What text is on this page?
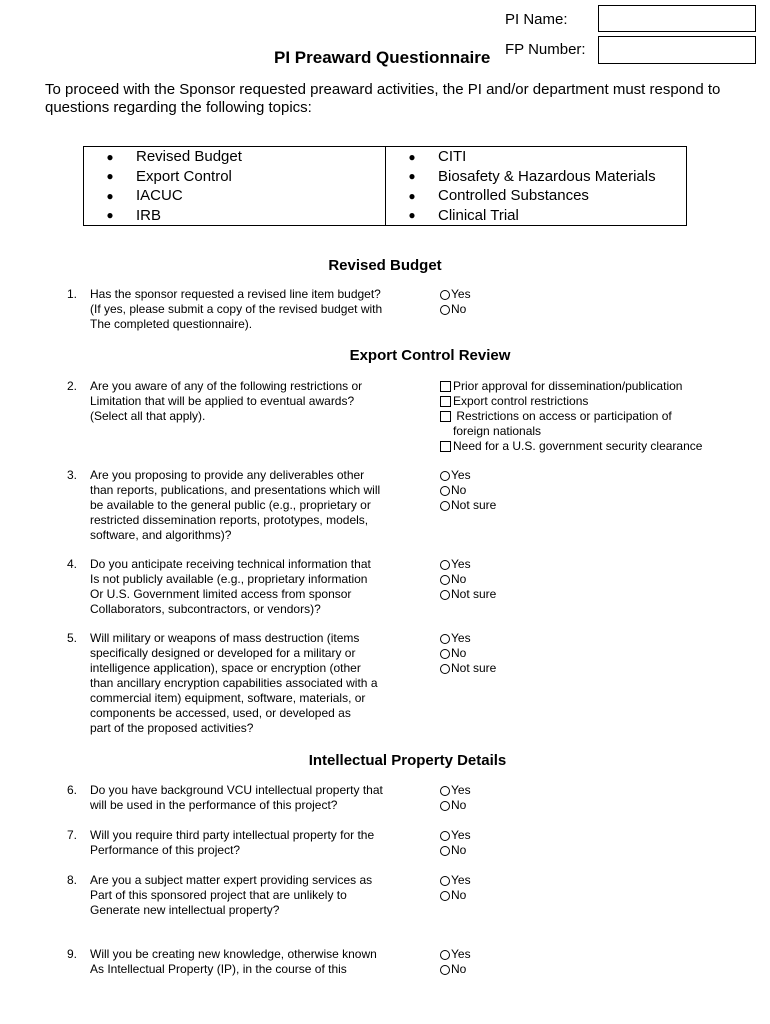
PI Name:
FP Number:
PI Preaward Questionnaire
To proceed with the Sponsor requested preaward activities, the PI and/or department must respond to questions regarding the following topics:
●	Revised Budget	●	CITI
●	Export Control	●	Biosafety & Hazardous Materials
●	IACUC	●	Controlled Substances
●	IRB	●	Clinical Trial
Revised Budget
Export Control Review
Intellectual Property Details
1. Has the sponsor requested a revised line item budget?
(If yes, please submit a copy of the revised budget with
The completed questionnaire).
Yes
No
2. Are you aware of any of the following restrictions or
Limitation that will be applied to eventual awards?
(Select all that apply).
Prior approval for dissemination/publication
Export control restrictions
Restrictions on access or participation of
foreign nationals
Need for a U.S. government security clearance
3. Are you proposing to provide any deliverables other
than reports, publications, and presentations which will
be available to the general public (e.g., proprietary or
restricted dissemination reports, prototypes, models,
software, and algorithms)?
Yes
No
Not sure
4. Do you anticipate receiving technical information that
Is not publicly available (e.g., proprietary information
Or U.S. Government limited access from sponsor
Collaborators, subcontractors, or vendors)?
Yes
No
Not sure
5. Will military or weapons of mass destruction (items
specifically designed or developed for a military or
intelligence application), space or encryption (other
than ancillary encryption capabilities associated with a
commercial item) equipment, software, materials, or
components be accessed, used, or developed as
part of the proposed activities?
Yes
No
Not sure
6. Do you have background VCU intellectual property that
will be used in the performance of this project?
Yes
No
7. Will you require third party intellectual property for the
Performance of this project?
Yes
No
8. Are you a subject matter expert providing services as
Part of this sponsored project that are unlikely to
Generate new intellectual property?
Yes
No
9. Will you be creating new knowledge, otherwise known
As Intellectual Property (IP), in the course of this
Yes
No
